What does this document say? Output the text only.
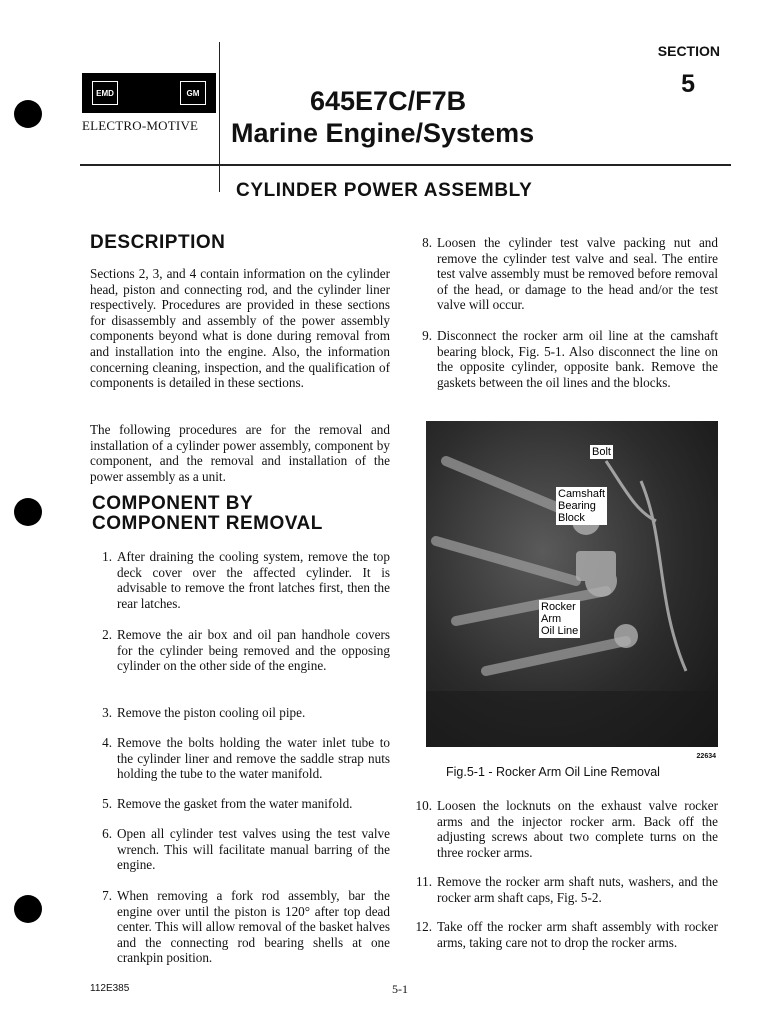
SECTION
5
EMD	GM
ELECTRO-MOTIVE
645E7C/F7B
Marine Engine/Systems
CYLINDER POWER ASSEMBLY
DESCRIPTION
Sections 2, 3, and 4 contain information on the cylinder head, piston and connecting rod, and the cylinder liner respectively. Procedures are provided in these sections for disassembly and assembly of the power assembly components beyond what is done during removal from and installation into the engine. Also, the information concerning cleaning, inspection, and the qualification of components is detailed in these sections.
The following procedures are for the removal and installation of a cylinder power assembly, component by component, and the removal and installation of the power assembly as a unit.
COMPONENT BY
COMPONENT REMOVAL
1. After draining the cooling system, remove the top deck cover over the affected cylinder. It is advisable to remove the front latches first, then the rear latches.
2. Remove the air box and oil pan handhole covers for the cylinder being removed and the opposing cylinder on the other side of the engine.
3. Remove the piston cooling oil pipe.
4. Remove the bolts holding the water inlet tube to the cylinder liner and remove the saddle strap nuts holding the tube to the water manifold.
5. Remove the gasket from the water manifold.
6. Open all cylinder test valves using the test valve wrench. This will facilitate manual barring of the engine.
7. When removing a fork rod assembly, bar the engine over until the piston is 120° after top dead center. This will allow removal of the basket halves and the connecting rod bearing shells at one crankpin position.
8. Loosen the cylinder test valve packing nut and remove the cylinder test valve and seal. The entire test valve assembly must be removed before removal of the head, or damage to the head and/or the test valve will occur.
9. Disconnect the rocker arm oil line at the camshaft bearing block, Fig. 5-1. Also disconnect the line on the opposite cylinder, opposite bank. Remove the gaskets between the oil lines and the blocks.
Bolt
Camshaft
Bearing
Block
Rocker
Arm
Oil Line
22634
Fig.5-1 - Rocker Arm Oil Line Removal
10. Loosen the locknuts on the exhaust valve rocker arms and the injector rocker arm. Back off the adjusting screws about two complete turns on the three rocker arms.
11. Remove the rocker arm shaft nuts, washers, and the rocker arm shaft caps, Fig. 5-2.
12. Take off the rocker arm shaft assembly with rocker arms, taking care not to drop the rocker arms.
112E385	5-1
